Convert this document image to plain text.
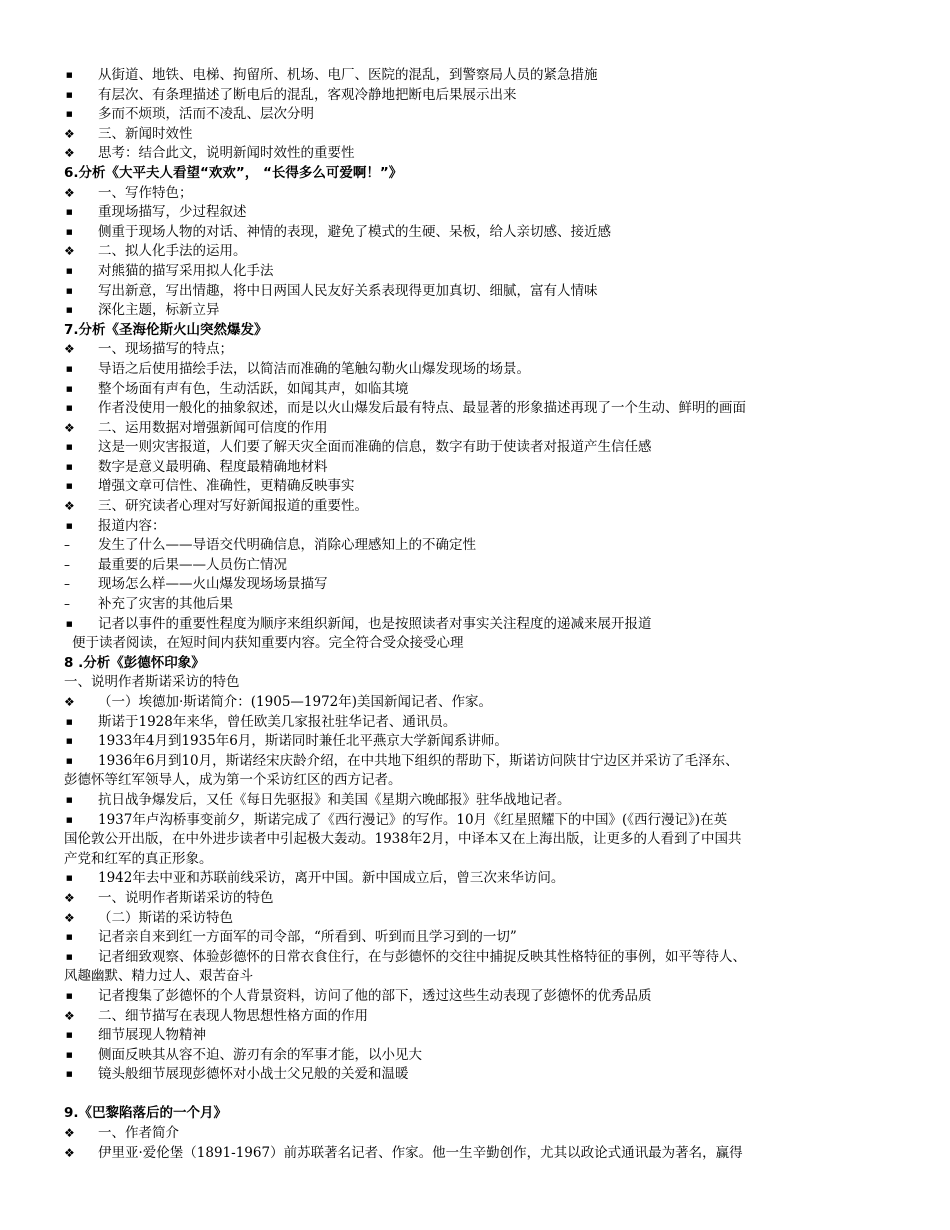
■
从街道、地铁、电梯、拘留所、机场、电厂、医院的混乱，到警察局人员的紧急措施
■
有层次、有条理描述了断电后的混乱，客观冷静地把断电后果展示出来
■
多而不烦琐，活而不凌乱、层次分明
❖
三、新闻时效性
❖
思考：结合此文，说明新闻时效性的重要性
6.分析《大平夫人看望“欢欢”， “长得多么可爱啊！”》
❖
一、写作特色；
■
重现场描写，少过程叙述
■
侧重于现场人物的对话、神情的表现，避免了模式的生硬、呆板，给人亲切感、接近感
❖
二、拟人化手法的运用。
■
对熊猫的描写采用拟人化手法
■
写出新意，写出情趣，将中日两国人民友好关系表现得更加真切、细腻，富有人情味
■
深化主题，标新立异
7.分析《圣海伦斯火山突然爆发》
❖
一、现场描写的特点；
■
导语之后使用描绘手法，以简洁而准确的笔触勾勒火山爆发现场的场景。
■
整个场面有声有色，生动活跃，如闻其声，如临其境
■
作者没使用一般化的抽象叙述，而是以火山爆发后最有特点、最显著的形象描述再现了一个生动、鲜明的画面
❖
二、运用数据对增强新闻可信度的作用
■
这是一则灾害报道，人们要了解天灾全面而准确的信息，数字有助于使读者对报道产生信任感
■
数字是意义最明确、程度最精确地材料
■
增强文章可信性、准确性，更精确反映事实
❖
三、研究读者心理对写好新闻报道的重要性。
■
报道内容：
–
发生了什么——导语交代明确信息，消除心理感知上的不确定性
–
最重要的后果——人员伤亡情况
–
现场怎么样——火山爆发现场场景描写
–
补充了灾害的其他后果
■
记者以事件的重要性程度为顺序来组织新闻，也是按照读者对事实关注程度的递减来展开报道
便于读者阅读，在短时间内获知重要内容。完全符合受众接受心理
8 .分析《彭德怀印象》
一、说明作者斯诺采访的特色
❖
（一）埃德加·斯诺简介：(1905—1972年)美国新闻记者、作家。
■
斯诺于1928年来华，曾任欧美几家报社驻华记者、通讯员。
■
1933年4月到1935年6月，斯诺同时兼任北平燕京大学新闻系讲师。
■
1936年6月到10月，斯诺经宋庆龄介绍，在中共地下组织的帮助下，斯诺访问陕甘宁边区并采访了毛泽东、
彭德怀等红军领导人，成为第一个采访红区的西方记者。
■
抗日战争爆发后，又任《每日先驱报》和美国《星期六晚邮报》驻华战地记者。
■
1937年卢沟桥事变前夕，斯诺完成了《西行漫记》的写作。10月《红星照耀下的中国》(《西行漫记》)在英
国伦敦公开出版，在中外进步读者中引起极大轰动。1938年2月，中译本又在上海出版，让更多的人看到了中国共
产党和红军的真正形象。
■
1942年去中亚和苏联前线采访，离开中国。新中国成立后，曾三次来华访问。
❖
一、说明作者斯诺采访的特色
❖
（二）斯诺的采访特色
■
记者亲自来到红一方面军的司令部，“所看到、听到而且学习到的一切”
■
记者细致观察、体验彭德怀的日常衣食住行，在与彭德怀的交往中捕捉反映其性格特征的事例，如平等待人、
风趣幽默、精力过人、艰苦奋斗
■
记者搜集了彭德怀的个人背景资料，访问了他的部下，透过这些生动表现了彭德怀的优秀品质
❖
二、细节描写在表现人物思想性格方面的作用
■
细节展现人物精神
■
侧面反映其从容不迫、游刃有余的军事才能，以小见大
■
镜头般细节展现彭德怀对小战士父兄般的关爱和温暖
9.《巴黎陷落后的一个月》
❖
一、作者简介
❖
伊里亚·爱伦堡（1891-1967）前苏联著名记者、作家。他一生辛勤创作，尤其以政论式通讯最为著名，赢得
